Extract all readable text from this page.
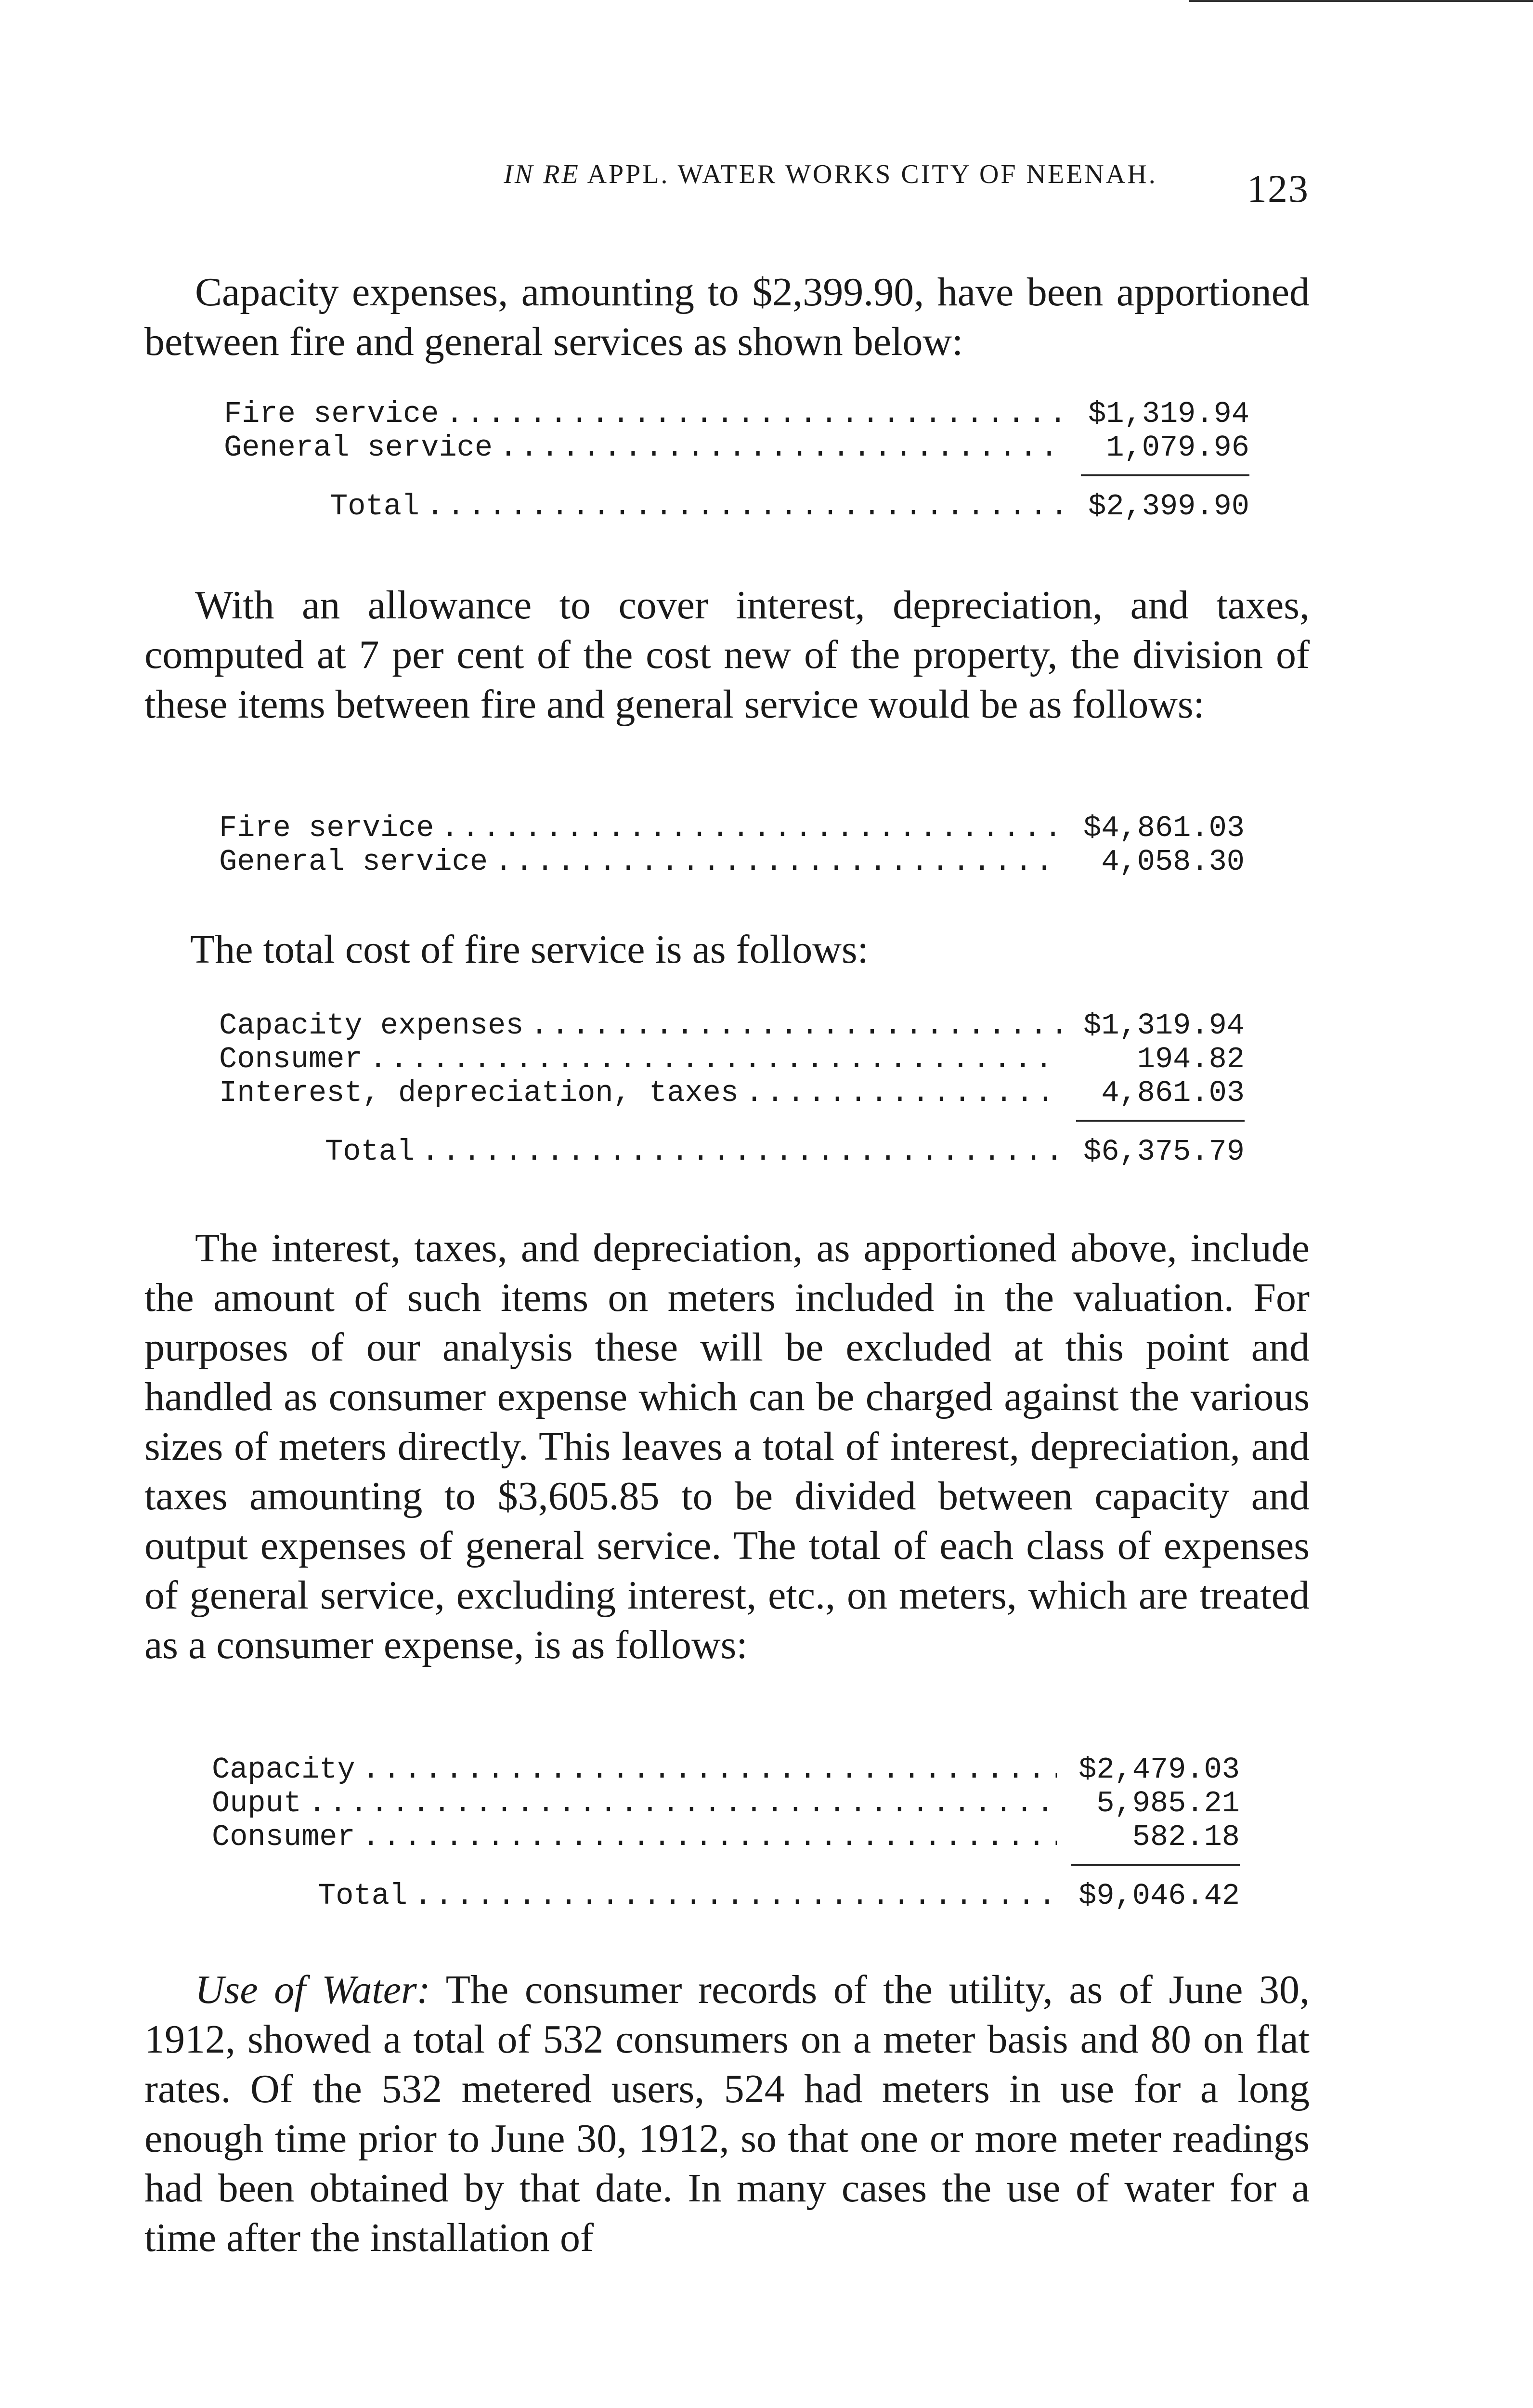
IN RE APPL. WATER WORKS CITY OF NEENAH.	123
Capacity expenses, amounting to $2,399.90, have been apportioned between fire and general services as shown below:
Fire service .....	$1,319.94
General service .....	1,079.96
Total .....	$2,399.90
With an allowance to cover interest, depreciation, and taxes, computed at 7 per cent of the cost new of the property, the division of these items between fire and general service would be as follows:
Fire service .....	$4,861.03
General service .....	4,058.30
The total cost of fire service is as follows:
Capacity expenses .....	$1,319.94
Consumer .....	194.82
Interest, depreciation, taxes .....	4,861.03
Total .....	$6,375.79
The interest, taxes, and depreciation, as apportioned above, include the amount of such items on meters included in the valuation. For purposes of our analysis these will be excluded at this point and handled as consumer expense which can be charged against the various sizes of meters directly. This leaves a total of interest, depreciation, and taxes amounting to $3,605.85 to be divided between capacity and output expenses of general service. The total of each class of expenses of general service, excluding interest, etc., on meters, which are treated as a consumer expense, is as follows:
Capacity .....	$2,479.03
Ouput .....	5,985.21
Consumer .....	582.18
Total .....	$9,046.42
Use of Water: The consumer records of the utility, as of June 30, 1912, showed a total of 532 consumers on a meter basis and 80 on flat rates. Of the 532 metered users, 524 had meters in use for a long enough time prior to June 30, 1912, so that one or more meter readings had been obtained by that date. In many cases the use of water for a time after the installation of
